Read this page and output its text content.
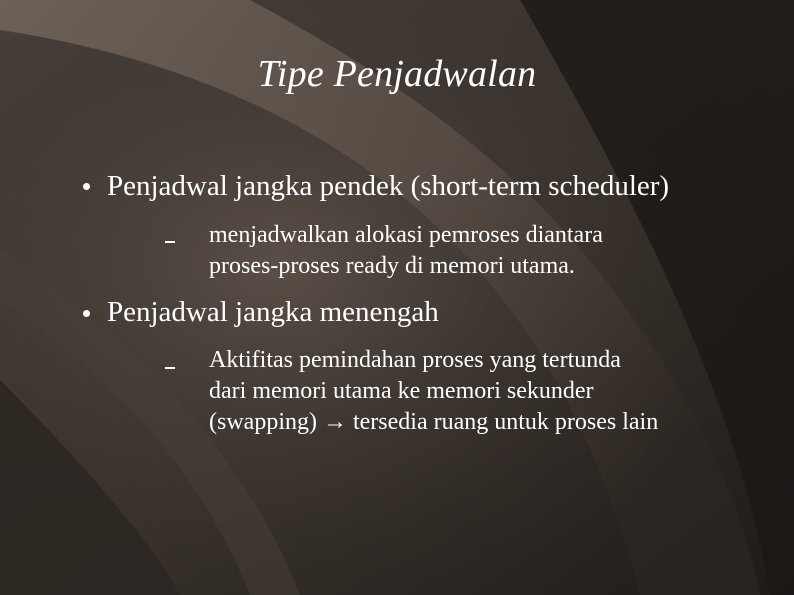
Tipe Penjadwalan
Penjadwal jangka pendek (short-term scheduler)
menjadwalkan alokasi pemroses diantara
proses-proses ready di memori utama.
Penjadwal jangka menengah
Aktifitas pemindahan proses yang tertunda
dari memori utama ke memori sekunder
(swapping) → tersedia ruang untuk proses lain
